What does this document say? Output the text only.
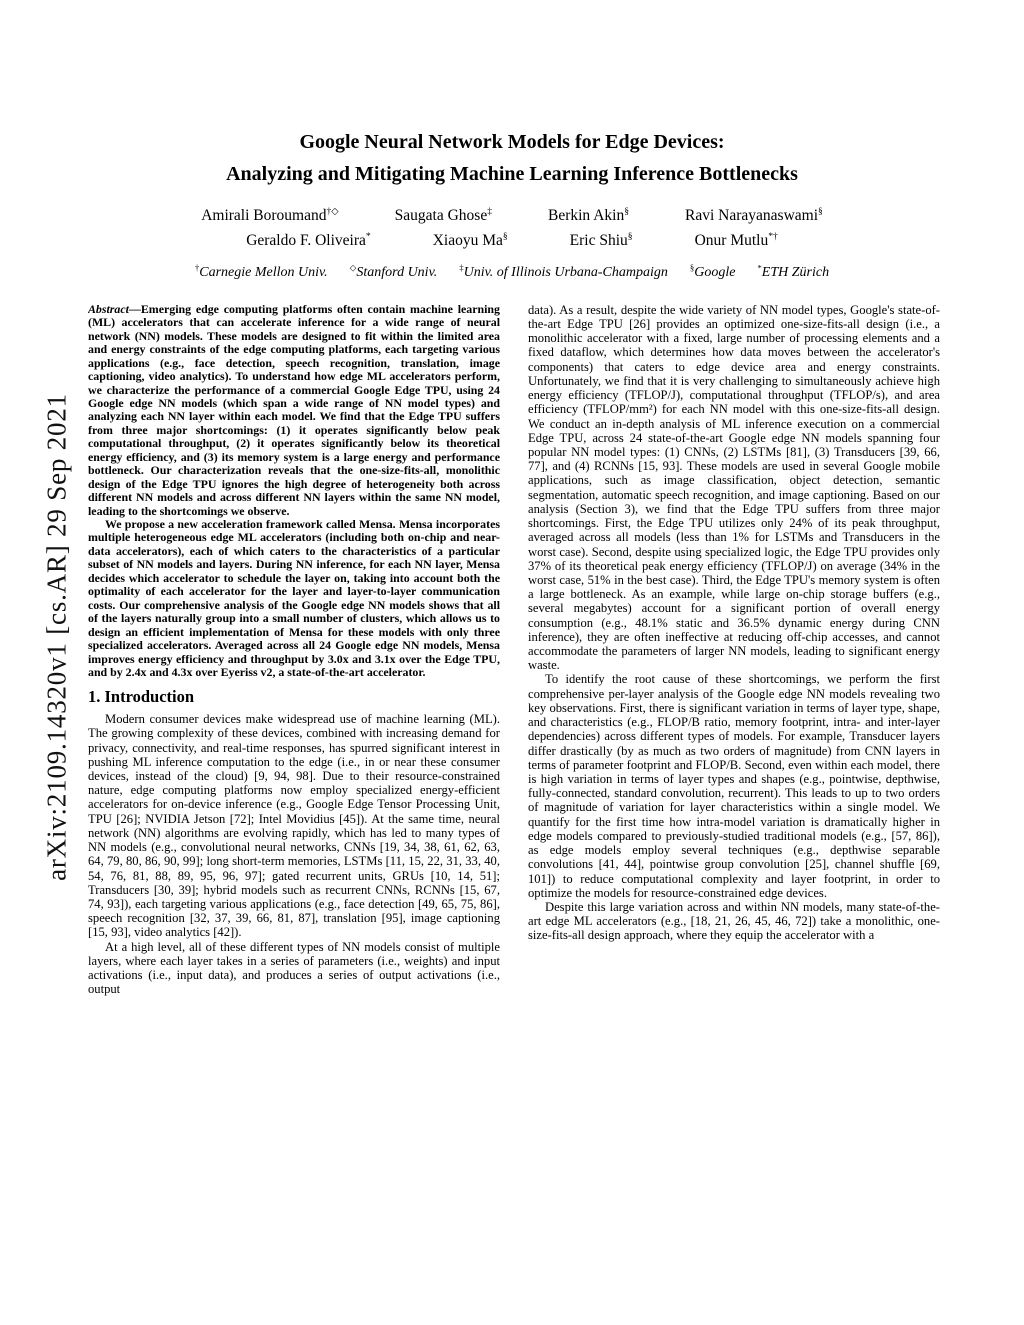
arXiv:2109.14320v1 [cs.AR] 29 Sep 2021
Google Neural Network Models for Edge Devices:
Analyzing and Mitigating Machine Learning Inference Bottlenecks
Amirali Boroumand†◇	Saugata Ghose‡	Berkin Akin§	Ravi Narayanaswami§
Geraldo F. Oliveira*	Xiaoyu Ma§	Eric Shiu§	Onur Mutlu*†
†Carnegie Mellon Univ.	◇Stanford Univ.	‡Univ. of Illinois Urbana-Champaign	§Google	*ETH Zürich

Abstract—Emerging edge computing platforms often contain machine learning (ML) accelerators that can accelerate inference for a wide range of neural network (NN) models. These models are designed to fit within the limited area and energy constraints of the edge computing platforms, each targeting various applications (e.g., face detection, speech recognition, translation, image captioning, video analytics). To understand how edge ML accelerators perform, we characterize the performance of a commercial Google Edge TPU, using 24 Google edge NN models (which span a wide range of NN model types) and analyzing each NN layer within each model. We find that the Edge TPU suffers from three major shortcomings: (1) it operates significantly below peak computational throughput, (2) it operates significantly below its theoretical energy efficiency, and (3) its memory system is a large energy and performance bottleneck. Our characterization reveals that the one-size-fits-all, monolithic design of the Edge TPU ignores the high degree of heterogeneity both across different NN models and across different NN layers within the same NN model, leading to the shortcomings we observe.

We propose a new acceleration framework called Mensa. Mensa incorporates multiple heterogeneous edge ML accelerators (including both on-chip and near-data accelerators), each of which caters to the characteristics of a particular subset of NN models and layers. During NN inference, for each NN layer, Mensa decides which accelerator to schedule the layer on, taking into account both the optimality of each accelerator for the layer and layer-to-layer communication costs. Our comprehensive analysis of the Google edge NN models shows that all of the layers naturally group into a small number of clusters, which allows us to design an efficient implementation of Mensa for these models with only three specialized accelerators. Averaged across all 24 Google edge NN models, Mensa improves energy efficiency and throughput by 3.0x and 3.1x over the Edge TPU, and by 2.4x and 4.3x over Eyeriss v2, a state-of-the-art accelerator.

1. Introduction

Modern consumer devices make widespread use of machine learning (ML). The growing complexity of these devices, combined with increasing demand for privacy, connectivity, and real-time responses, has spurred significant interest in pushing ML inference computation to the edge (i.e., in or near these consumer devices, instead of the cloud) [9, 94, 98]. Due to their resource-constrained nature, edge computing platforms now employ specialized energy-efficient accelerators for on-device inference (e.g., Google Edge Tensor Processing Unit, TPU [26]; NVIDIA Jetson [72]; Intel Movidius [45]). At the same time, neural network (NN) algorithms are evolving rapidly, which has led to many types of NN models (e.g., convolutional neural networks, CNNs [19, 34, 38, 61, 62, 63, 64, 79, 80, 86, 90, 99]; long short-term memories, LSTMs [11, 15, 22, 31, 33, 40, 54, 76, 81, 88, 89, 95, 96, 97]; gated recurrent units, GRUs [10, 14, 51]; Transducers [30, 39]; hybrid models such as recurrent CNNs, RCNNs [15, 67, 74, 93]), each targeting various applications (e.g., face detection [49, 65, 75, 86], speech recognition [32, 37, 39, 66, 81, 87], translation [95], image captioning [15, 93], video analytics [42]).

At a high level, all of these different types of NN models consist of multiple layers, where each layer takes in a series of parameters (i.e., weights) and input activations (i.e., input data), and produces a series of output activations (i.e., output

data). As a result, despite the wide variety of NN model types, Google's state-of-the-art Edge TPU [26] provides an optimized one-size-fits-all design (i.e., a monolithic accelerator with a fixed, large number of processing elements and a fixed dataflow, which determines how data moves between the accelerator's components) that caters to edge device area and energy constraints. Unfortunately, we find that it is very challenging to simultaneously achieve high energy efficiency (TFLOP/J), computational throughput (TFLOP/s), and area efficiency (TFLOP/mm²) for each NN model with this one-size-fits-all design. We conduct an in-depth analysis of ML inference execution on a commercial Edge TPU, across 24 state-of-the-art Google edge NN models spanning four popular NN model types: (1) CNNs, (2) LSTMs [81], (3) Transducers [39, 66, 77], and (4) RCNNs [15, 93]. These models are used in several Google mobile applications, such as image classification, object detection, semantic segmentation, automatic speech recognition, and image captioning. Based on our analysis (Section 3), we find that the Edge TPU suffers from three major shortcomings. First, the Edge TPU utilizes only 24% of its peak throughput, averaged across all models (less than 1% for LSTMs and Transducers in the worst case). Second, despite using specialized logic, the Edge TPU provides only 37% of its theoretical peak energy efficiency (TFLOP/J) on average (34% in the worst case, 51% in the best case). Third, the Edge TPU's memory system is often a large bottleneck. As an example, while large on-chip storage buffers (e.g., several megabytes) account for a significant portion of overall energy consumption (e.g., 48.1% static and 36.5% dynamic energy during CNN inference), they are often ineffective at reducing off-chip accesses, and cannot accommodate the parameters of larger NN models, leading to significant energy waste.

To identify the root cause of these shortcomings, we perform the first comprehensive per-layer analysis of the Google edge NN models revealing two key observations. First, there is significant variation in terms of layer type, shape, and characteristics (e.g., FLOP/B ratio, memory footprint, intra- and inter-layer dependencies) across different types of models. For example, Transducer layers differ drastically (by as much as two orders of magnitude) from CNN layers in terms of parameter footprint and FLOP/B. Second, even within each model, there is high variation in terms of layer types and shapes (e.g., pointwise, depthwise, fully-connected, standard convolution, recurrent). This leads to up to two orders of magnitude of variation for layer characteristics within a single model. We quantify for the first time how intra-model variation is dramatically higher in edge models compared to previously-studied traditional models (e.g., [57, 86]), as edge models employ several techniques (e.g., depthwise separable convolutions [41, 44], pointwise group convolution [25], channel shuffle [69, 101]) to reduce computational complexity and layer footprint, in order to optimize the models for resource-constrained edge devices.

Despite this large variation across and within NN models, many state-of-the-art edge ML accelerators (e.g., [18, 21, 26, 45, 46, 72]) take a monolithic, one-size-fits-all design approach, where they equip the accelerator with a
